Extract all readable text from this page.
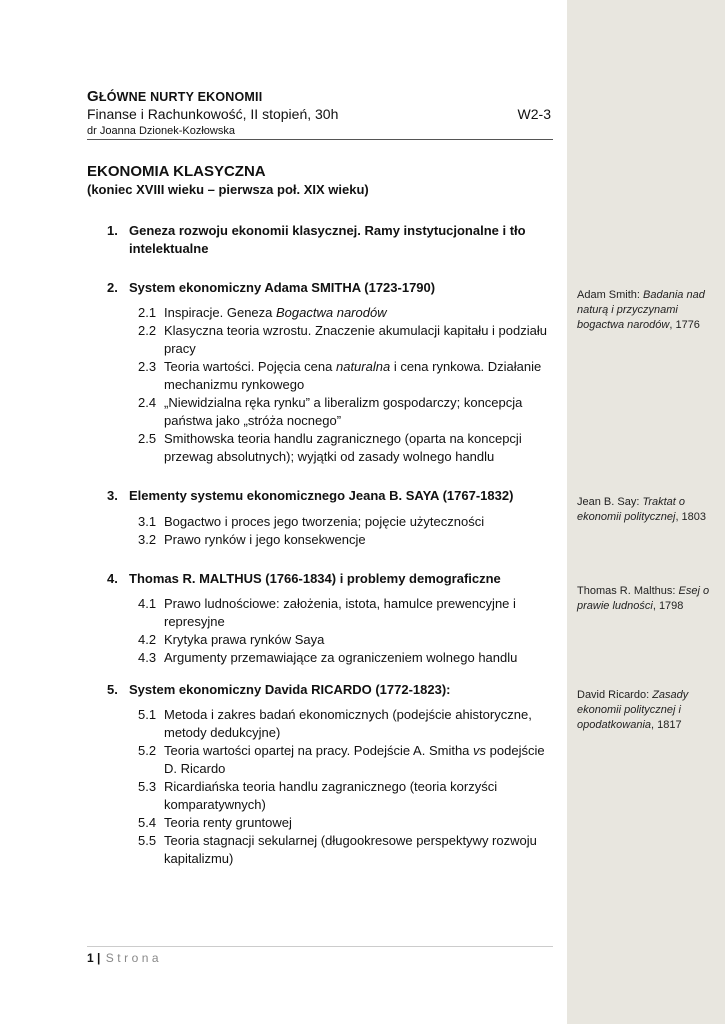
GŁÓWNE NURTY EKONOMII
Finanse i Rachunkowość, II stopień, 30h	W2-3
dr Joanna Dzionek-Kozłowska
EKONOMIA KLASYCZNA
(koniec XVIII wieku – pierwsza poł. XIX wieku)
1. Geneza rozwoju ekonomii klasycznej. Ramy instytucjonalne i tło intelektualne
2. System ekonomiczny Adama SMITHA (1723-1790)
2.1 Inspiracje. Geneza Bogactwa narodów
2.2 Klasyczna teoria wzrostu. Znaczenie akumulacji kapitału i podziału pracy
2.3 Teoria wartości. Pojęcia cena naturalna i cena rynkowa. Działanie mechanizmu rynkowego
2.4 „Niewidzialna ręka rynku” a liberalizm gospodarczy; koncepcja państwa jako „stróża nocnego”
2.5 Smithowska teoria handlu zagranicznego (oparta na koncepcji przewag absolutnych); wyjątki od zasady wolnego handlu
3. Elementy systemu ekonomicznego Jeana B. SAYA (1767-1832)
3.1 Bogactwo i proces jego tworzenia; pojęcie użyteczności
3.2 Prawo rynków i jego konsekwencje
4. Thomas R. MALTHUS (1766-1834) i problemy demograficzne
4.1 Prawo ludnościowe: założenia, istota, hamulce prewencyjne i represyjne
4.2 Krytyka prawa rynków Saya
4.3 Argumenty przemawiające za ograniczeniem wolnego handlu
5. System ekonomiczny Davida RICARDO (1772-1823):
5.1 Metoda i zakres badań ekonomicznych (podejście ahistoryczne, metody dedukcyjne)
5.2 Teoria wartości opartej na pracy. Podejście A. Smitha vs podejście D. Ricardo
5.3 Ricardiańska teoria handlu zagranicznego (teoria korzyści komparatywnych)
5.4 Teoria renty gruntowej
5.5 Teoria stagnacji sekularnej (długookresowe perspektywy rozwoju kapitalizmu)
Adam Smith: Badania nad naturą i przyczynami bogactwa narodów, 1776
Jean B. Say: Traktat o ekonomii politycznej, 1803
Thomas R. Malthus: Esej o prawie ludności, 1798
David Ricardo: Zasady ekonomii politycznej i opodatkowania, 1817
1 | Strona
